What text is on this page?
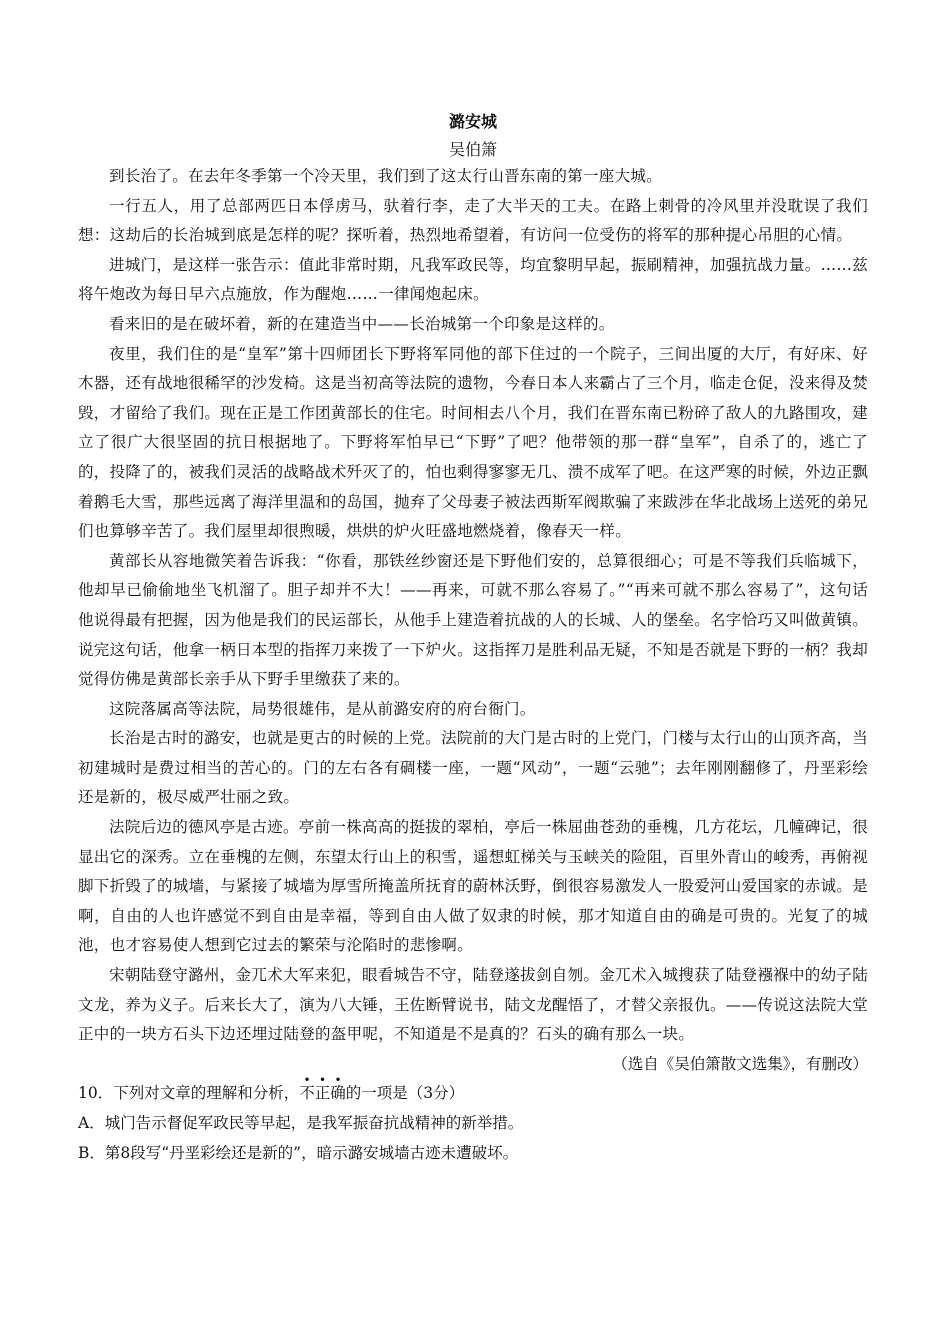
潞安城

吴伯箫

到长治了。在去年冬季第一个冷天里，我们到了这太行山晋东南的第一座大城。

一行五人，用了总部两匹日本俘虏马，驮着行李，走了大半天的工夫。在路上刺骨的冷风里并没耽误了我们想：这劫后的长治城到底是怎样的呢？探听着，热烈地希望着，有访问一位受伤的将军的那种提心吊胆的心情。

进城门，是这样一张告示：值此非常时期，凡我军政民等，均宜黎明早起，振刷精神，加强抗战力量。……兹将午炮改为每日早六点施放，作为醒炮……一律闻炮起床。

看来旧的是在破坏着，新的在建造当中——长治城第一个印象是这样的。

夜里，我们住的是“皇军”第十四师团长下野将军同他的部下住过的一个院子，三间出厦的大厅，有好床、好木器，还有战地很稀罕的沙发椅。这是当初高等法院的遗物，今春日本人来霸占了三个月，临走仓促，没来得及焚毁，才留给了我们。现在正是工作团黄部长的住宅。时间相去八个月，我们在晋东南已粉碎了敌人的九路围攻，建立了很广大很坚固的抗日根据地了。下野将军怕早已“下野”了吧？他带领的那一群“皇军”，自杀了的，逃亡了的，投降了的，被我们灵活的战略战术歼灭了的，怕也剩得寥寥无几、溃不成军了吧。在这严寒的时候，外边正飘着鹅毛大雪，那些远离了海洋里温和的岛国，抛弃了父母妻子被法西斯军阀欺骗了来跋涉在华北战场上送死的弟兄们也算够辛苦了。我们屋里却很煦暖，烘烘的炉火旺盛地燃烧着，像春天一样。

黄部长从容地微笑着告诉我：“你看，那铁丝纱窗还是下野他们安的，总算很细心；可是不等我们兵临城下，他却早已偷偷地坐飞机溜了。胆子却并不大！——再来，可就不那么容易了。”“再来可就不那么容易了”，这句话他说得最有把握，因为他是我们的民运部长，从他手上建造着抗战的人的长城、人的堡垒。名字恰巧又叫做黄镇。说完这句话，他拿一柄日本型的指挥刀来拨了一下炉火。这指挥刀是胜利品无疑，不知是否就是下野的一柄？我却觉得仿佛是黄部长亲手从下野手里缴获了来的。

这院落属高等法院，局势很雄伟，是从前潞安府的府台衙门。

长治是古时的潞安，也就是更古的时候的上党。法院前的大门是古时的上党门，门楼与太行山的山顶齐高，当初建城时是费过相当的苦心的。门的左右各有碉楼一座，一题“风动”，一题“云驰”；去年刚刚翻修了，丹垩彩绘还是新的，极尽威严壮丽之致。

法院后边的德风亭是古迹。亭前一株高高的挺拔的翠柏，亭后一株屈曲苍劲的垂槐，几方花坛，几幢碑记，很显出它的深秀。立在垂槐的左侧，东望太行山上的积雪，遥想虹梯关与玉峡关的险阻，百里外青山的峻秀，再俯视脚下折毁了的城墙，与紧接了城墙为厚雪所掩盖所抚育的蔚林沃野，倒很容易激发人一股爱河山爱国家的赤诚。是啊，自由的人也许感觉不到自由是幸福，等到自由人做了奴隶的时候，那才知道自由的确是可贵的。光复了的城池，也才容易使人想到它过去的繁荣与沦陷时的悲惨啊。

宋朝陆登守潞州，金兀术大军来犯，眼看城告不守，陆登遂拔剑自刎。金兀术入城搜获了陆登襁褓中的幼子陆文龙，养为义子。后来长大了，演为八大锤，王佐断臂说书，陆文龙醒悟了，才替父亲报仇。——传说这法院大堂正中的一块方石头下边还埋过陆登的盔甲呢，不知道是不是真的？石头的确有那么一块。

（选自《吴伯箫散文选集》，有删改）

10．下列对文章的理解和分析，
•
不
•
正
•
确的一项是（3分）

A．城门告示督促军政民等早起，是我军振奋抗战精神的新举措。

B．第8段写“丹垩彩绘还是新的”，暗示潞安城墙古迹未遭破坏。
